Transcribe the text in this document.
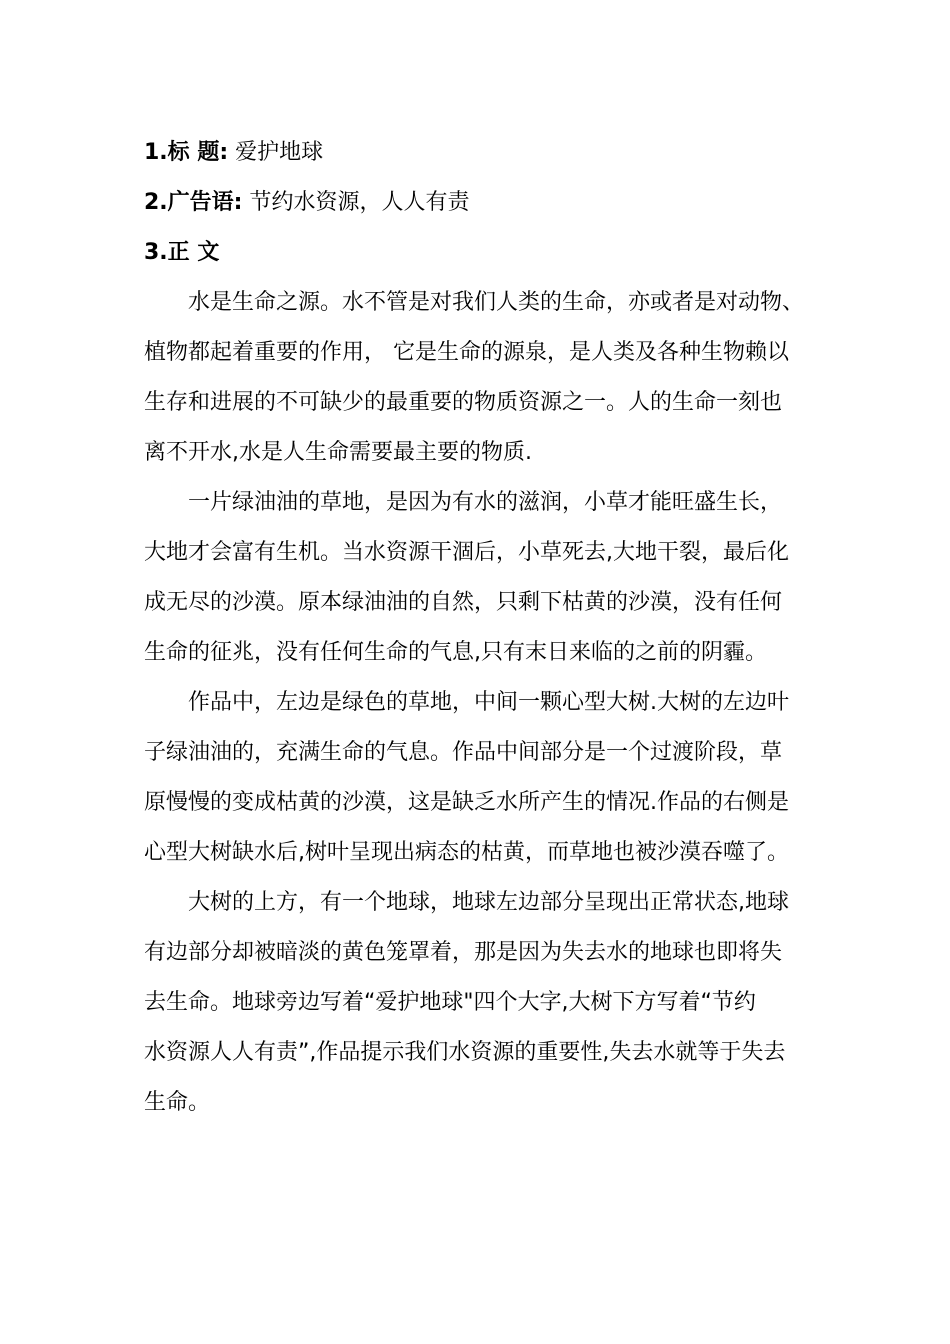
1.标 题: 爱护地球
2.广告语: 节约水资源，人人有责
3.正 文
水是生命之源。水不管是对我们人类的生命，亦或者是对动物、
植物都起着重要的作用， 它是生命的源泉，是人类及各种生物赖以
生存和进展的不可缺少的最重要的物质资源之一。人的生命一刻也
离不开水,水是人生命需要最主要的物质.
一片绿油油的草地，是因为有水的滋润，小草才能旺盛生长，
大地才会富有生机。当水资源干涸后，小草死去,大地干裂，最后化
成无尽的沙漠。原本绿油油的自然，只剩下枯黄的沙漠，没有任何
生命的征兆，没有任何生命的气息,只有末日来临的之前的阴霾。
作品中，左边是绿色的草地，中间一颗心型大树.大树的左边叶
子绿油油的，充满生命的气息。作品中间部分是一个过渡阶段，草
原慢慢的变成枯黄的沙漠，这是缺乏水所产生的情况.作品的右侧是
心型大树缺水后,树叶呈现出病态的枯黄，而草地也被沙漠吞噬了。
大树的上方，有一个地球，地球左边部分呈现出正常状态,地球
有边部分却被暗淡的黄色笼罩着，那是因为失去水的地球也即将失
去生命。地球旁边写着“爱护地球"四个大字,大树下方写着“节约
水资源人人有责”,作品提示我们水资源的重要性,失去水就等于失去
生命。
